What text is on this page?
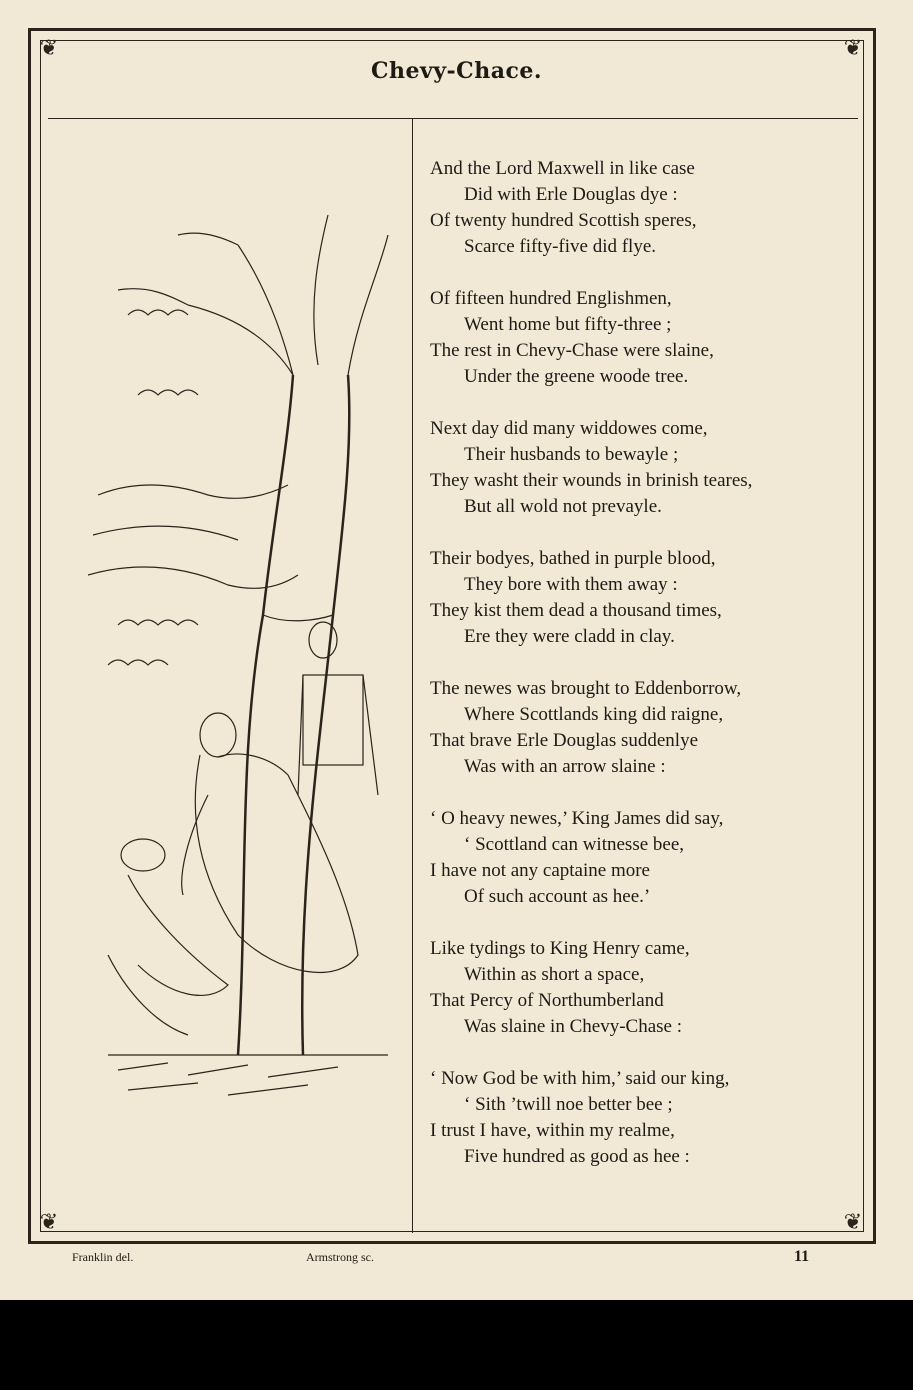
❦	❦
❦	❦
Chevy-Chace.
And the Lord Maxwell in like case
Did with Erle Douglas dye :
Of twenty hundred Scottish speres,
Scarce fifty-five did flye.
Of fifteen hundred Englishmen,
Went home but fifty-three ;
The rest in Chevy-Chase were slaine,
Under the greene woode tree.
Next day did many widdowes come,
Their husbands to bewayle ;
They washt their wounds in brinish teares,
But all wold not prevayle.
Their bodyes, bathed in purple blood,
They bore with them away :
They kist them dead a thousand times,
Ere they were cladd in clay.
The newes was brought to Eddenborrow,
Where Scottlands king did raigne,
That brave Erle Douglas suddenlye
Was with an arrow slaine :
‘ O heavy newes,’ King James did say,
‘ Scottland can witnesse bee,
I have not any captaine more
Of such account as hee.’
Like tydings to King Henry came,
Within as short a space,
That Percy of Northumberland
Was slaine in Chevy-Chase :
‘ Now God be with him,’ said our king,
‘ Sith ’twill noe better bee ;
I trust I have, within my realme,
Five hundred as good as hee :
Franklin del.	Armstrong sc.	11
